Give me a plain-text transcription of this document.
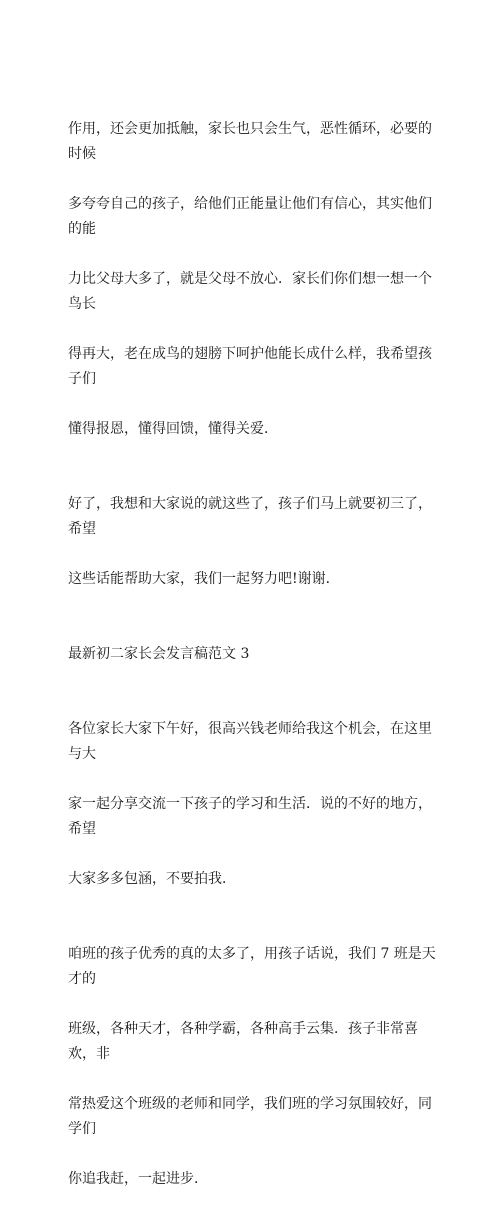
作用，还会更加抵触，家长也只会生气，恶性循环，必要的时候

多夸夸自己的孩子，给他们正能量让他们有信心，其实他们的能

力比父母大多了，就是父母不放心．家长们你们想一想一个鸟长

得再大，老在成鸟的翅膀下呵护他能长成什么样，我希望孩子们

懂得报恩，懂得回馈，懂得关爱．

好了，我想和大家说的就这些了，孩子们马上就要初三了，希望

这些话能帮助大家，我们一起努力吧!谢谢．

最新初二家长会发言稿范文 3

各位家长大家下午好，很高兴钱老师给我这个机会，在这里与大

家一起分享交流一下孩子的学习和生活．说的不好的地方，希望

大家多多包涵，不要拍我．

咱班的孩子优秀的真的太多了，用孩子话说，我们 7 班是天才的

班级，各种天才，各种学霸，各种高手云集．孩子非常喜欢，非

常热爱这个班级的老师和同学，我们班的学习氛围较好，同学们

你追我赶，一起进步．
